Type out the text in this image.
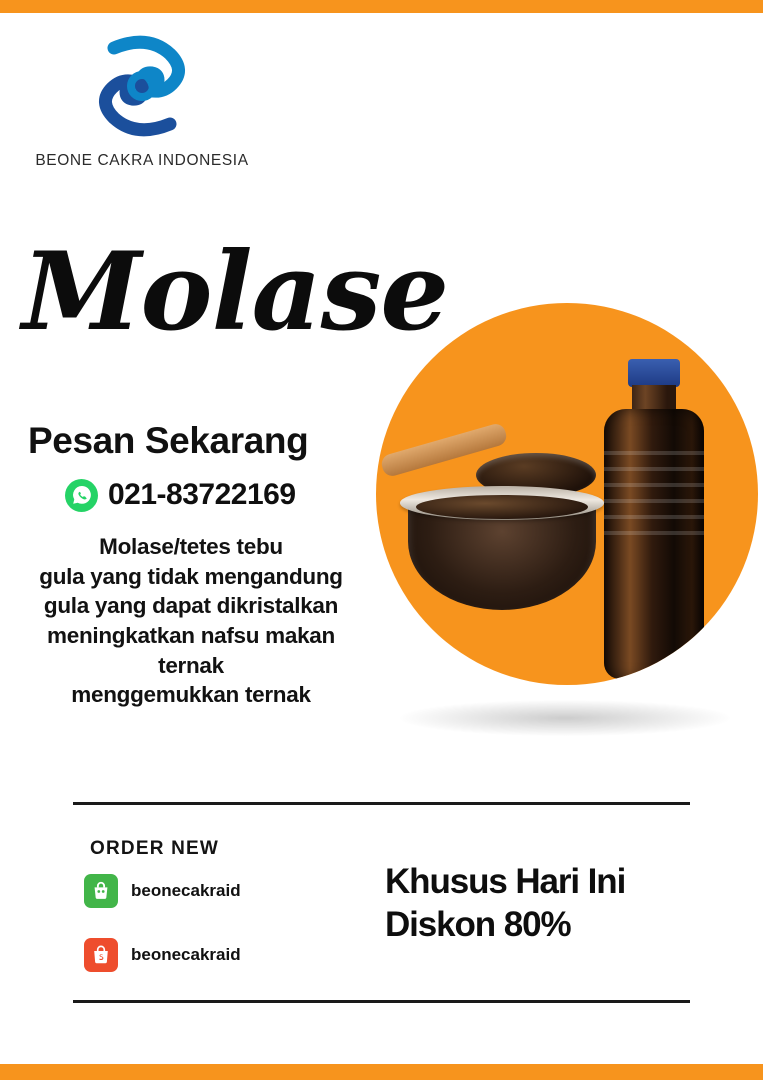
BEONE CAKRA INDONESIA
Molase
Pesan Sekarang
021-83722169
Molase/tetes tebu
gula yang tidak mengandung
gula yang dapat dikristalkan
meningkatkan nafsu makan
ternak
menggemukkan ternak
ORDER NEW
beonecakraid
beonecakraid
Khusus Hari Ini
Diskon 80%
